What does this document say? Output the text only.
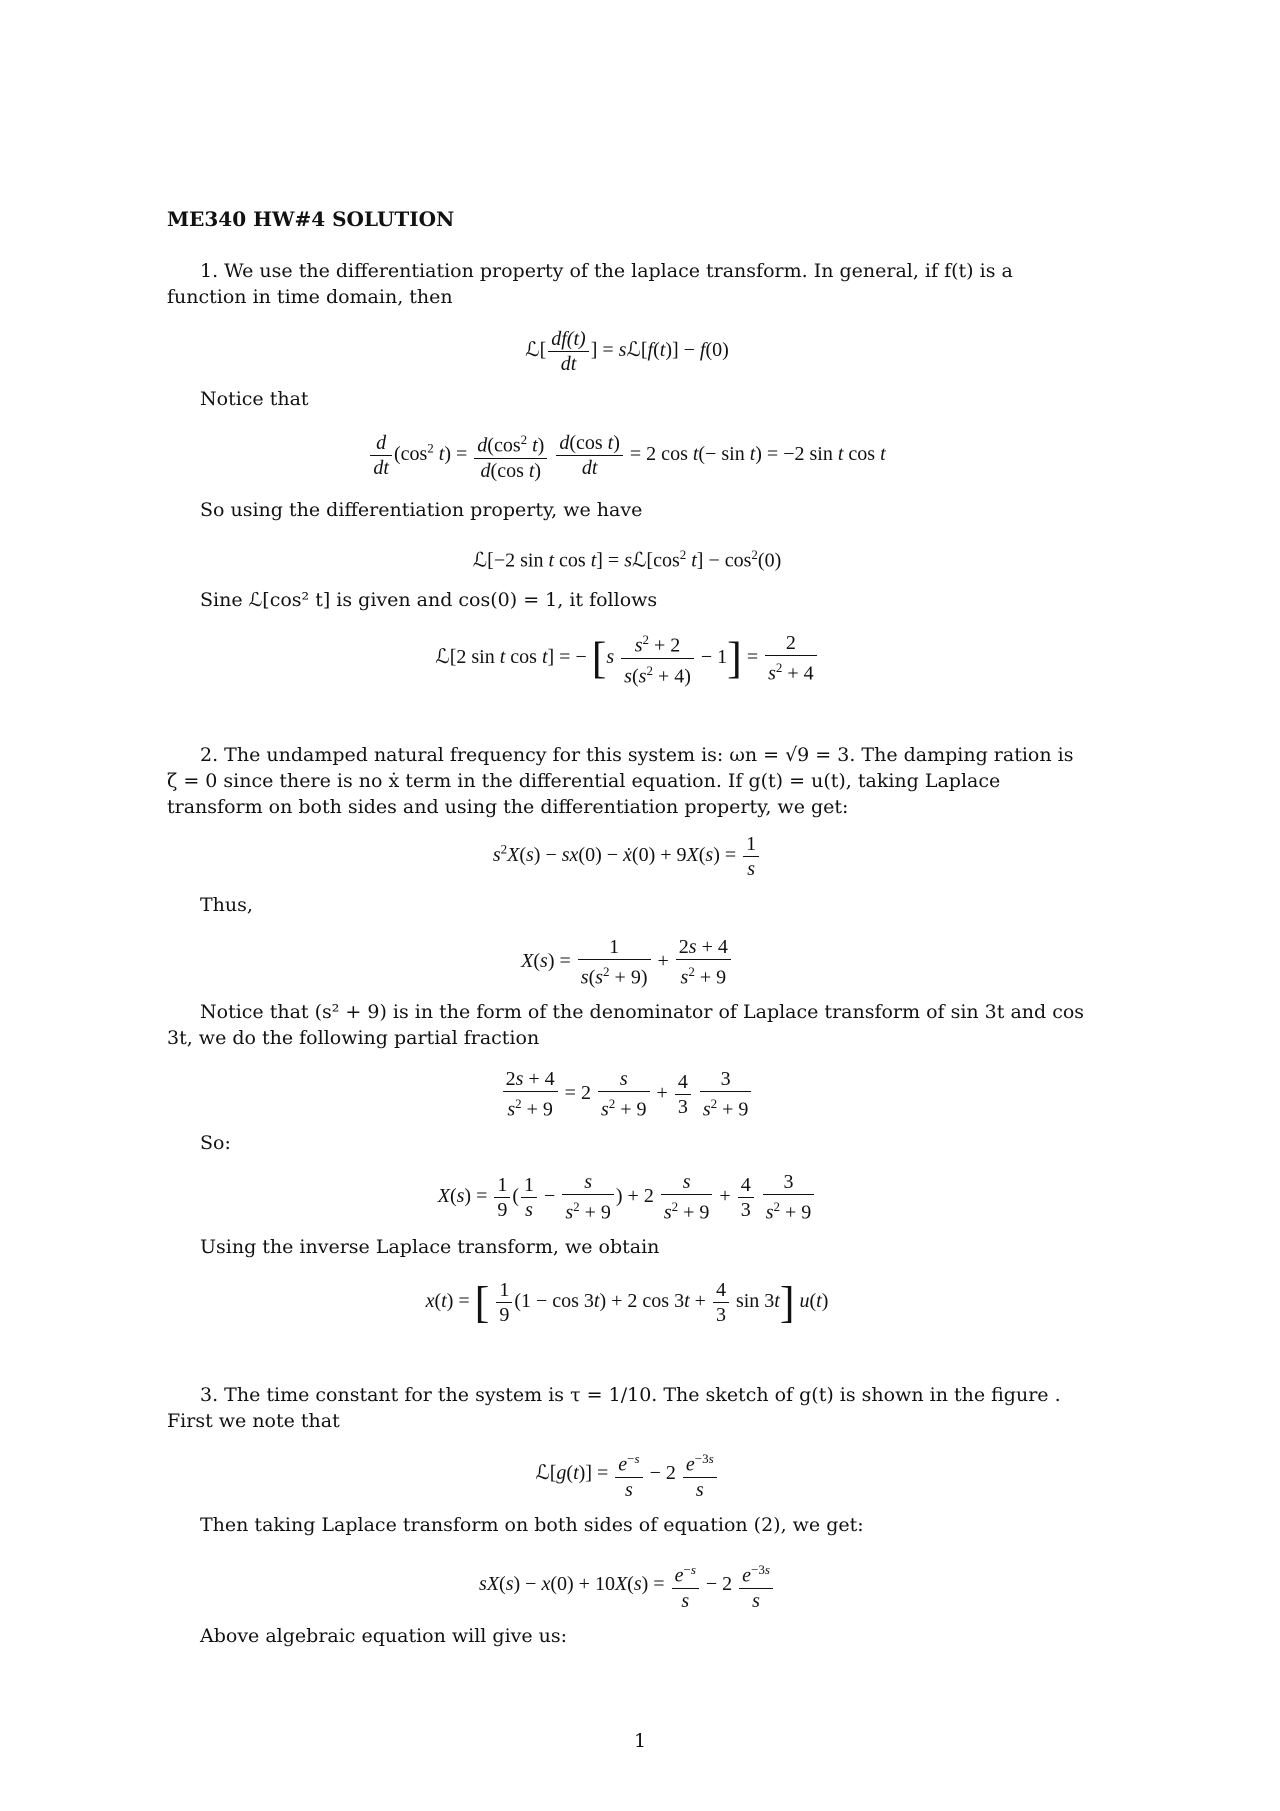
ME340 HW#4 SOLUTION
1. We use the differentiation property of the laplace transform. In general, if f(t) is a function in time domain, then
ℒ[ $\frac{df(t)}{dt}$ ] = sℒ[f(t)] − f(0)
Notice that
$\frac{d}{dt} (\cos^2$ $t) = \frac{d(\cos^2 t)}{\text{d(cos t)}}$
$\frac{\text{d(cos t)}}{dt} = 2$ cos t(− sin t) = −2 sin t cos t
So using the differentiation property, we have
ℒ[−2 sin t $\cos t] = sℒ[\cos^2$ $t] - \cos^2(0)$
Sine ℒ[cos² t] is given and cos(0) = 1, it follows
ℒ[2 sin t cos t] = − $[s \frac{s^2 + 2}{s(s^2 + 4)} - 1] = \frac{2}{s^2 + 4}$
2. The undamped natural frequency for this system is: ωn = √9 = 3. The damping ration is ζ = 0 since there is no ẋ term in the differential equation. If g(t) = u(t), taking Laplace transform on both sides and using the differentiation property, we get:
$s^2X(s) - sx(0)$ − ẋ(0) + $9X(s) = \frac{1}{s}$
Thus,
$X(s) = \frac{1}{s(s^2 + 9)} + \frac{2s + 4}{s^2 + 9}$
Notice that (s² + 9) is in the form of the denominator of Laplace transform of sin 3t and cos 3t, we do the following partial fraction
$\frac{2s + 4}{s^2 + 9} = 2 \frac{s}{s^2 + 9} + \frac{4}{3}$
$\frac{3}{s^2 + 9}$
So:
$X(s) = \frac{1}{9}$ ( $\frac{1}{s} - \frac{s}{s^2 + 9}$ ) + $2 \frac{s}{s^2 + 9} + \frac{4}{3}$
$\frac{3}{s^2 + 9}$
Using the inverse Laplace transform, we obtain
x(t) = [ $\frac{1}{9} (1 - \cos 3t) + 2$ $\cos 3t + \frac{4}{3}$ sin 3t] u(t)
3. The time constant for the system is τ = 1/10. The sketch of g(t) is shown in the figure . First we note that
ℒ[g(t)] = $\frac{e^{-s}}{s} - 2 \frac{e^{-3s}}{s}$
Then taking Laplace transform on both sides of equation (2), we get:
$sX(s) - x(0) + 10X(s) = \frac{e^{-s}}{s} - 2 \frac{e^{-3s}}{s}$
Above algebraic equation will give us:
1
